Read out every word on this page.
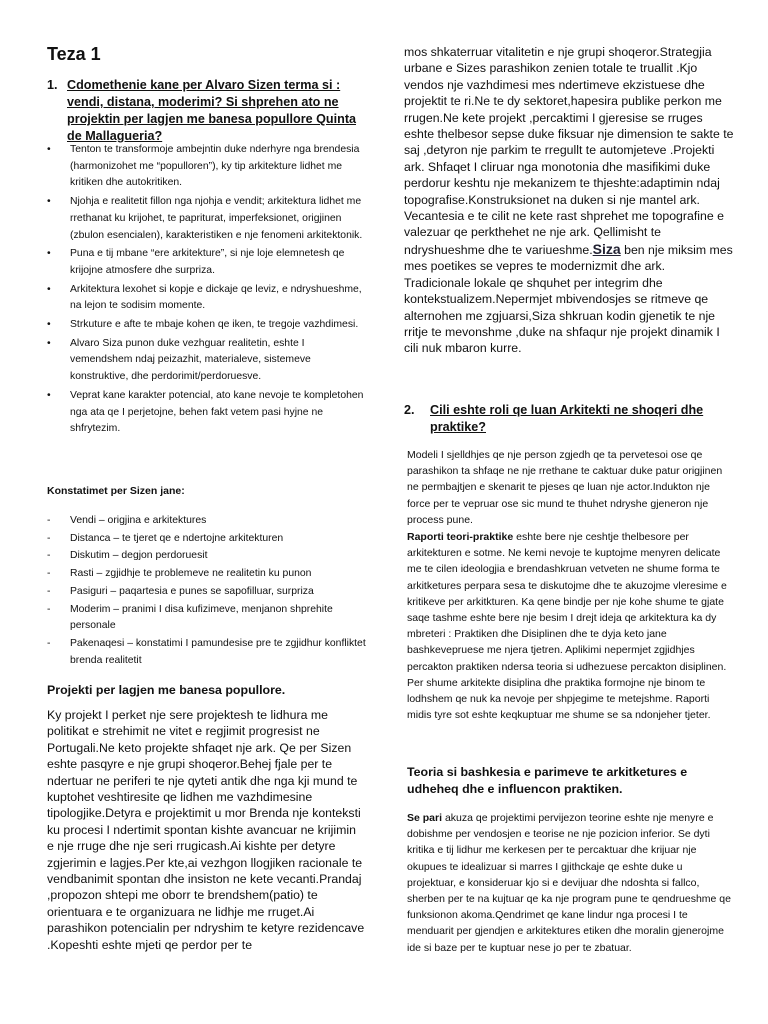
Teza 1
1. Cdomethenie kane per Alvaro Sizen terma si : vendi, distana, moderimi? Si shprehen ato ne projektin per lagjen me banesa popullore Quinta de Mallagueria?
• Tenton te transformoje ambejntin duke nderhyre nga brendesia (harmonizohet me “populloren”), ky tip arkitekture lidhet me kritiken dhe autokritiken.
• Njohja e realitetit fillon nga njohja e vendit; arkitektura lidhet me rrethanat ku krijohet, te papriturat, imperfeksionet, origjinen (zbulon esencialen), karakteristiken e nje fenomeni arkitektonik.
• Puna e tij mbane “ere arkitekture”, si nje loje elemnetesh qe krijojne atmosfere dhe surpriza.
• Arkitektura lexohet si kopje e dickaje qe leviz, e ndryshueshme, na lejon te sodisim momente.
• Strkuture e afte te mbaje kohen qe iken, te tregoje vazhdimesi.
• Alvaro Siza punon duke vezhguar realitetin, eshte I vemendshem ndaj peizazhit, materialeve, sistemeve konstruktive, dhe perdorimit/perdoruesve.
• Veprat kane karakter potencial, ato kane nevoje te kompletohen nga ata qe I perjetojne, behen fakt vetem pasi hyjne ne shfrytezim.

Konstatimet per Sizen jane:

- Vendi – origjina e arkitektures
- Distanca – te tjeret qe e ndertojne arkitekturen
- Diskutim – degjon perdoruesit
- Rasti – zgjidhje te problemeve ne realitetin ku punon
- Pasiguri – paqartesia e punes se sapofilluar, surpriza
- Moderim – pranimi I disa kufizimeve, menjanon shprehite personale
- Pakenaqesi – konstatimi I pamundesise pre te zgjidhur konfliktet brenda realitetit

Projekti per lagjen me banesa popullore.

Ky projekt I perket nje sere projektesh te lidhura me politikat e strehimit ne vitet e regjimit progresist ne Portugali.Ne keto projekte shfaqet nje ark. Qe per Sizen eshte pasqyre e nje grupi shoqeror.Behej fjale per te ndertuar ne periferi te nje qyteti antik dhe nga kji mund te kuptohet veshtiresite qe lidhen me vazhdimesine tipologjike.Detyra e projektimit u mor Brenda nje konteksti ku procesi I ndertimit spontan kishte avancuar ne krijimin e nje rruge dhe nje seri rrugicash.Ai kishte per detyre zgjerimin e lagjes.Per kte,ai vezhgon llogjiken racionale te vendbanimit spontan dhe insiston ne kete vecanti.Prandaj ,propozon shtepi me oborr te brendshem(patio) te orientuara e te organizuara ne lidhje me rruget.Ai parashikon potencialin per ndryshim te ketyre rezidencave .Kopeshti eshte mjeti qe perdor per te

mos shkaterruar vitalitetin e nje grupi shoqeror.Strategjia urbane e Sizes parashikon zenien totale te truallit .Kjo vendos nje vazhdimesi mes ndertimeve ekzistuese dhe projektit te ri.Ne te dy sektoret,hapesira publike perkon me rrugen.Ne kete projekt ,percaktimi I gjeresise se rruges eshte thelbesor sepse duke fiksuar nje dimension te sakte te saj ,detyron nje parkim te rregullt te automjeteve .Projekti ark. Shfaqet I cliruar nga monotonia dhe masifikimi duke perdorur keshtu nje mekanizem te thjeshte:adaptimin ndaj topografise.Konstruksionet na duken si nje mantel ark. Vecantesia e te cilit ne kete rast shprehet me topografine e valezuar qe perkthehet ne nje ark. Qellimisht te ndryshueshme dhe te variueshme.Siza ben nje miksim mes mes poetikes se vepres te modernizmit dhe ark. Tradicionale lokale qe shquhet per integrim dhe kontekstualizem.Nepermjet mbivendosjes se ritmeve qe alternohen me zgjuarsi,Siza shkruan kodin gjenetik te nje rritje te mevonshme ,duke na shfaqur nje projekt dinamik I cili nuk mbaron kurre.

2. Cili eshte roli qe luan Arkitekti ne shoqeri dhe praktike?

Modeli I sjelldhjes qe nje person zgjedh qe ta pervetesoi ose qe parashikon ta shfaqe ne nje rrethane te caktuar duke patur origjinen ne permbajtjen e skenarit te pjeses qe luan nje actor.Indukton nje force per te vepruar ose sic mund te thuhet ndryshe gjeneron nje process pune.

Raporti teori-praktike eshte bere nje ceshtje thelbesore per arkitekturen e sotme. Ne kemi nevoje te kuptojme menyren delicate me te cilen ideologjia e brendashkruan vetveten ne shume forma te arkitketures perpara sesa te diskutojme dhe te akuzojme vleresime e kritikeve per arkitkturen. Ka qene bindje per nje kohe shume te gjate saqe tashme eshte bere nje besim I drejt ideja qe arkitektura ka dy mbreteri : Praktiken dhe Disiplinen dhe te dyja keto jane bashkevepruese me njera tjetren. Aplikimi nepermjet zgjidhjes percakton praktiken ndersa teoria si udhezuese percakton disiplinen. Per shume arkitekte disiplina dhe praktika formojne nje binom te lodhshem qe nuk ka nevoje per shpjegime te metejshme. Raporti midis tyre sot eshte keqkuptuar me shume se sa ndonjeher tjeter.

Teoria si bashkesia e parimeve te arkitketures e udheheq dhe e influencon praktiken.

Se pari akuza qe projektimi pervijezon teorine eshte nje menyre e dobishme per vendosjen e teorise ne nje pozicion inferior. Se dyti kritika e tij lidhur me kerkesen per te percaktuar dhe krijuar nje okupues te idealizuar si marres I gjithckaje qe eshte duke u projektuar, e konsideruar kjo si e devijuar dhe ndoshta si fallco, sherben per te na kujtuar qe ka nje program pune te qendrueshme qe funksionon akoma.Qendrimet qe kane lindur nga procesi I te menduarit per gjendjen e arkitektures etiken dhe moralin gjenerojme ide si baze per te kuptuar nese jo per te zbatuar.
